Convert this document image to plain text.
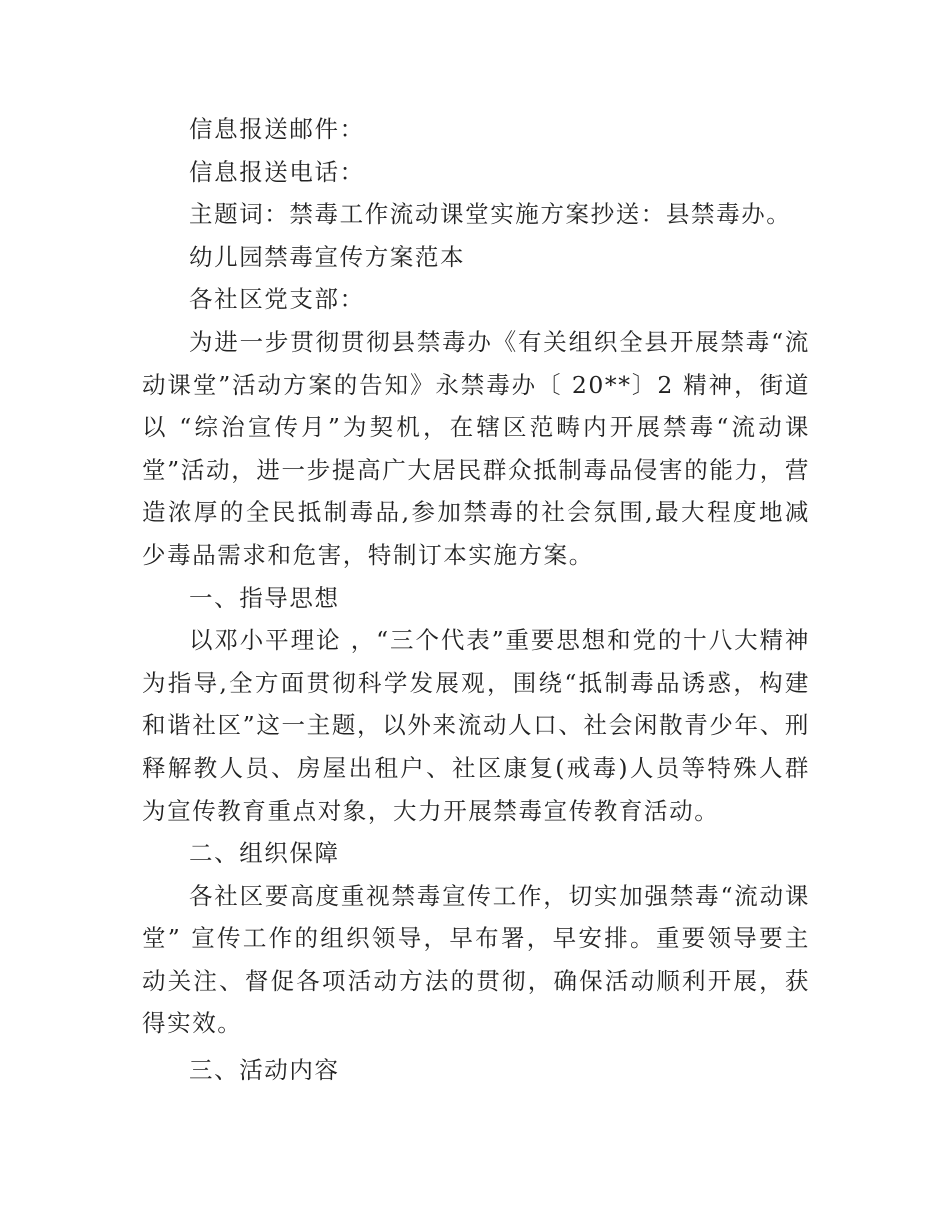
信息报送邮件：

信息报送电话：

主题词：禁毒工作流动课堂实施方案抄送：县禁毒办。

幼儿园禁毒宣传方案范本

各社区党支部：

为进一步贯彻贯彻县禁毒办《有关组织全县开展禁毒“流动课堂”活动方案的告知》永禁毒办〔 20**〕2 精神，街道以 “综治宣传月”为契机，在辖区范畴内开展禁毒“流动课堂”活动，进一步提高广大居民群众抵制毒品侵害的能力，营造浓厚的全民抵制毒品,参加禁毒的社会氛围,最大程度地减少毒品需求和危害，特制订本实施方案。

一、指导思想

以邓小平理论 ，“三个代表”重要思想和党的十八大精神为指导,全方面贯彻科学发展观，围绕“抵制毒品诱惑，构建和谐社区”这一主题，以外来流动人口、社会闲散青少年、刑释解教人员、房屋出租户、社区康复(戒毒)人员等特殊人群为宣传教育重点对象，大力开展禁毒宣传教育活动。

二、组织保障

各社区要高度重视禁毒宣传工作，切实加强禁毒“流动课堂” 宣传工作的组织领导，早布署，早安排。重要领导要主动关注、督促各项活动方法的贯彻，确保活动顺利开展，获得实效。

三、活动内容
